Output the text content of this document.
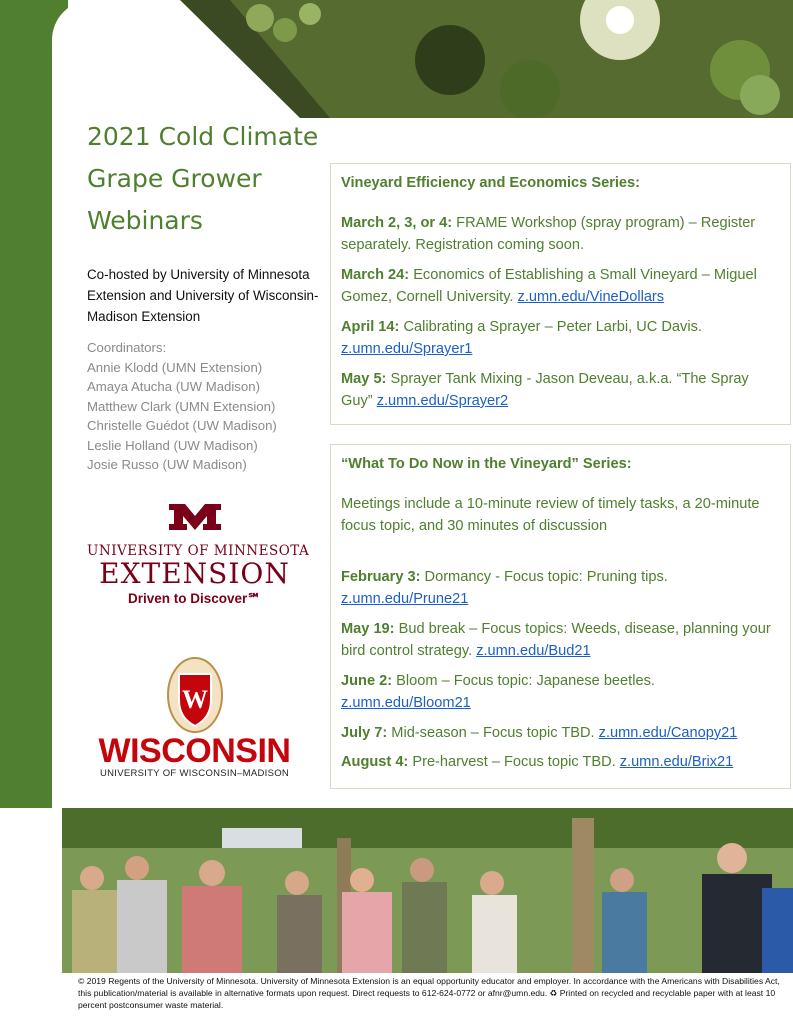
2021 Cold Climate Grape Grower Webinars
Co-hosted by University of Minnesota Extension and University of Wisconsin-Madison Extension
Coordinators:
Annie Klodd (UMN Extension)
Amaya Atucha (UW Madison)
Matthew Clark (UMN Extension)
Christelle Guédot (UW Madison)
Leslie Holland (UW Madison)
Josie Russo (UW Madison)
Vineyard Efficiency and Economics Series:
March 2, 3, or 4: FRAME Workshop (spray program) – Register separately. Registration coming soon.
March 24: Economics of Establishing a Small Vineyard – Miguel Gomez, Cornell University. z.umn.edu/VineDollars
April 14: Calibrating a Sprayer – Peter Larbi, UC Davis. z.umn.edu/Sprayer1
May 5: Sprayer Tank Mixing - Jason Deveau, a.k.a. “The Spray Guy” z.umn.edu/Sprayer2
“What To Do Now in the Vineyard” Series:
Meetings include a 10-minute review of timely tasks, a 20-minute focus topic, and 30 minutes of discussion
February 3: Dormancy - Focus topic: Pruning tips. z.umn.edu/Prune21
May 19: Bud break – Focus topics: Weeds, disease, planning your bird control strategy. z.umn.edu/Bud21
June 2: Bloom – Focus topic: Japanese beetles. z.umn.edu/Bloom21
July 7: Mid-season – Focus topic TBD. z.umn.edu/Canopy21
August 4: Pre-harvest – Focus topic TBD. z.umn.edu/Brix21
UNIVERSITY OF MINNESOTA
EXTENSION
Driven to Discover℠
W
WISCONSIN
UNIVERSITY OF WISCONSIN–MADISON
© 2019 Regents of the University of Minnesota. University of Minnesota Extension is an equal opportunity educator and employer. In accordance with the Americans with Disabilities Act, this publication/material is available in alternative formats upon request. Direct requests to 612-624-0772 or afnr@umn.edu. ♻ Printed on recycled and recyclable paper with at least 10 percent postconsumer waste material.
